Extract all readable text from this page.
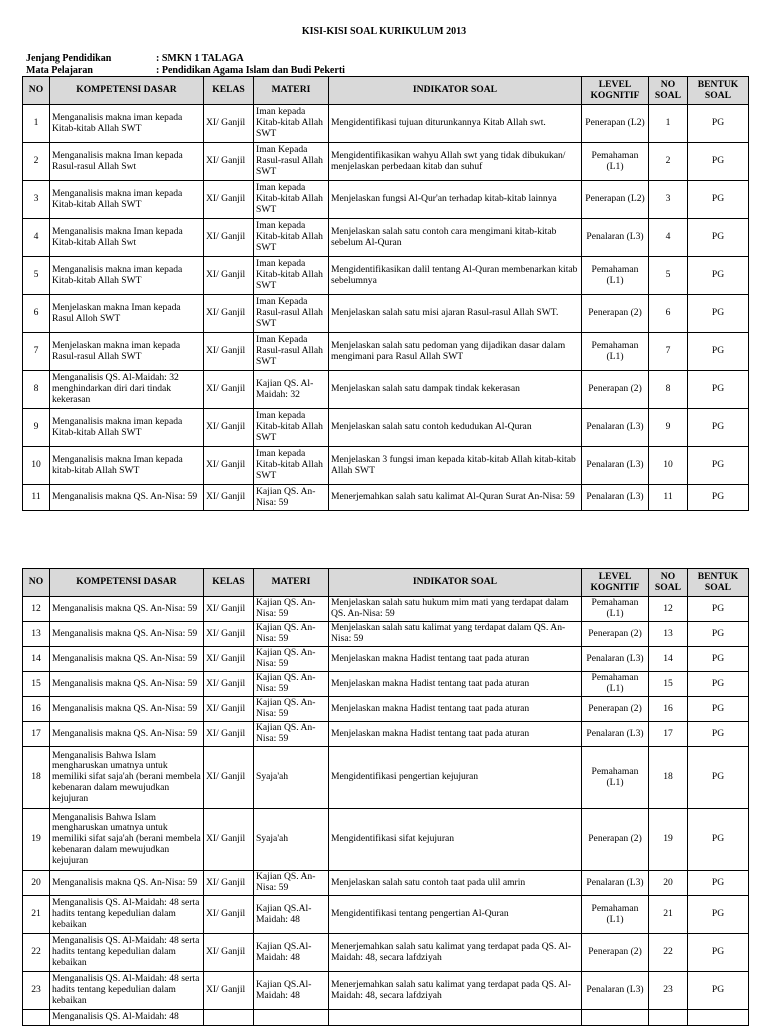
KISI-KISI SOAL KURIKULUM 2013
Jenjang Pendidikan	: SMKN 1 TALAGA
Mata Pelajaran	: Pendidikan Agama Islam dan Budi Pekerti
NO	KOMPETENSI DASAR	KELAS	MATERI	INDIKATOR SOAL	LEVEL KOGNITIF	NO SOAL	BENTUK SOAL
1	Menganalisis makna iman kepada Kitab-kitab Allah SWT	XI/ Ganjil	Iman kepada Kitab-kitab Allah SWT	Mengidentifikasi tujuan diturunkannya Kitab Allah swt.	Penerapan (L2)	1	PG
2	Menganalisis makna Iman kepada Rasul-rasul Allah Swt	XI/ Ganjil	Iman Kepada Rasul-rasul Allah SWT	Mengidentifikasikan wahyu Allah swt yang tidak dibukukan/ menjelaskan perbedaan kitab dan suhuf	Pemahaman (L1)	2	PG
3	Menganalisis makna iman kepada Kitab-kitab Allah SWT	XI/ Ganjil	Iman kepada Kitab-kitab Allah SWT	Menjelaskan fungsi Al-Qur'an terhadap kitab-kitab lainnya	Penerapan (L2)	3	PG
4	Menganalisis makna Iman kepada Kitab-kitab Allah Swt	XI/ Ganjil	Iman kepada Kitab-kitab Allah SWT	Menjelaskan salah satu contoh cara mengimani kitab-kitab sebelum Al-Quran	Penalaran (L3)	4	PG
5	Menganalisis makna iman kepada Kitab-kitab Allah SWT	XI/ Ganjil	Iman kepada Kitab-kitab Allah SWT	Mengidentifikasikan dalil tentang Al-Quran membenarkan kitab sebelumnya	Pemahaman (L1)	5	PG
6	Menjelaskan makna Iman kepada Rasul Alloh SWT	XI/ Ganjil	Iman Kepada Rasul-rasul Allah SWT	Menjelaskan salah satu misi ajaran Rasul-rasul Allah SWT.	Penerapan (2)	6	PG
7	Menjelaskan makna iman kepada Rasul-rasul Allah SWT	XI/ Ganjil	Iman Kepada Rasul-rasul Allah SWT	Menjelaskan salah satu pedoman yang dijadikan dasar dalam mengimani para Rasul Allah SWT	Pemahaman (L1)	7	PG
8	Menganalisis QS. Al-Maidah: 32 menghindarkan diri dari tindak kekerasan	XI/ Ganjil	Kajian QS. Al-Maidah: 32	Menjelaskan salah satu dampak tindak kekerasan	Penerapan (2)	8	PG
9	Menganalisis makna iman kepada Kitab-kitab Allah SWT	XI/ Ganjil	Iman kepada Kitab-kitab Allah SWT	Menjelaskan salah satu contoh kedudukan Al-Quran	Penalaran (L3)	9	PG
10	Menganalisis makna Iman kepada kitab-kitab Allah SWT	XI/ Ganjil	Iman kepada Kitab-kitab Allah SWT	Menjelaskan 3 fungsi iman kepada kitab-kitab Allah kitab-kitab Allah SWT	Penalaran (L3)	10	PG
11	Menganalisis makna QS. An-Nisa: 59	XI/ Ganjil	Kajian QS. An-Nisa: 59	Menerjemahkan salah satu kalimat Al-Quran Surat An-Nisa: 59	Penalaran (L3)	11	PG
NO	KOMPETENSI DASAR	KELAS	MATERI	INDIKATOR SOAL	LEVEL KOGNITIF	NO SOAL	BENTUK SOAL
12	Menganalisis makna QS. An-Nisa: 59	XI/ Ganjil	Kajian QS. An-Nisa: 59	Menjelaskan salah satu hukum mim mati yang terdapat dalam QS. An-Nisa: 59	Pemahaman (L1)	12	PG
13	Menganalisis makna QS. An-Nisa: 59	XI/ Ganjil	Kajian QS. An-Nisa: 59	Menjelaskan salah satu kalimat yang terdapat dalam QS. An-Nisa: 59	Penerapan (2)	13	PG
14	Menganalisis makna QS. An-Nisa: 59	XI/ Ganjil	Kajian QS. An-Nisa: 59	Menjelaskan makna Hadist tentang taat pada aturan	Penalaran (L3)	14	PG
15	Menganalisis makna QS. An-Nisa: 59	XI/ Ganjil	Kajian QS. An-Nisa: 59	Menjelaskan makna Hadist tentang taat pada aturan	Pemahaman (L1)	15	PG
16	Menganalisis makna QS. An-Nisa: 59	XI/ Ganjil	Kajian QS. An-Nisa: 59	Menjelaskan makna Hadist tentang taat pada aturan	Penerapan (2)	16	PG
17	Menganalisis makna QS. An-Nisa: 59	XI/ Ganjil	Kajian QS. An-Nisa: 59	Menjelaskan makna Hadist tentang taat pada aturan	Penalaran (L3)	17	PG
18	Menganalisis Bahwa Islam mengharuskan umatnya untuk memiliki sifat saja'ah (berani membela kebenaran dalam mewujudkan kejujuran	XI/ Ganjil	Syaja'ah	Mengidentifikasi pengertian kejujuran	Pemahaman (L1)	18	PG
19	Menganalisis Bahwa Islam mengharuskan umatnya untuk memiliki sifat saja'ah (berani membela kebenaran dalam mewujudkan kejujuran	XI/ Ganjil	Syaja'ah	Mengidentifikasi sifat kejujuran	Penerapan (2)	19	PG
20	Menganalisis makna QS. An-Nisa: 59	XI/ Ganjil	Kajian QS. An-Nisa: 59	Menjelaskan salah satu contoh taat pada ulil amrin	Penalaran (L3)	20	PG
21	Menganalisis QS. Al-Maidah: 48 serta hadits tentang kepedulian dalam kebaikan	XI/ Ganjil	Kajian QS.Al-Maidah: 48	Mengidentifikasi tentang pengertian Al-Quran	Pemahaman (L1)	21	PG
22	Menganalisis QS. Al-Maidah: 48 serta hadits tentang kepedulian dalam kebaikan	XI/ Ganjil	Kajian QS.Al-Maidah: 48	Menerjemahkan salah satu kalimat yang terdapat pada QS. Al-Maidah: 48, secara lafdziyah	Penerapan (2)	22	PG
23	Menganalisis QS. Al-Maidah: 48 serta hadits tentang kepedulian dalam kebaikan	XI/ Ganjil	Kajian QS.Al-Maidah: 48	Menerjemahkan salah satu kalimat yang terdapat pada QS. Al-Maidah: 48, secara lafdziyah	Penalaran (L3)	23	PG
	Menganalisis QS. Al-Maidah: 48						
